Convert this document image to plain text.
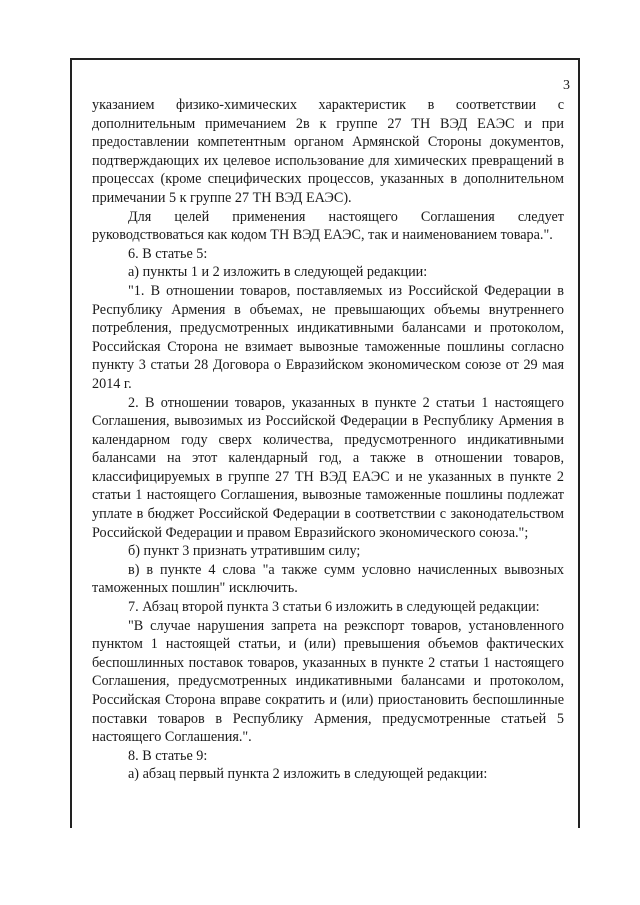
3

указанием физико-химических характеристик в соответствии с дополнительным примечанием 2в к группе 27 ТН ВЭД ЕАЭС и при предоставлении компетентным органом Армянской Стороны документов, подтверждающих их целевое использование для химических превращений в процессах (кроме специфических процессов, указанных в дополнительном примечании 5 к группе 27 ТН ВЭД ЕАЭС).

Для целей применения настоящего Соглашения следует руководствоваться как кодом ТН ВЭД ЕАЭС, так и наименованием товара.".

6. В статье 5:

а) пункты 1 и 2 изложить в следующей редакции:

"1. В отношении товаров, поставляемых из Российской Федерации в Республику Армения в объемах, не превышающих объемы внутреннего потребления, предусмотренных индикативными балансами и протоколом, Российская Сторона не взимает вывозные таможенные пошлины согласно пункту 3 статьи 28 Договора о Евразийском экономическом союзе от 29 мая 2014 г.

2. В отношении товаров, указанных в пункте 2 статьи 1 настоящего Соглашения, вывозимых из Российской Федерации в Республику Армения в календарном году сверх количества, предусмотренного индикативными балансами на этот календарный год, а также в отношении товаров, классифицируемых в группе 27 ТН ВЭД ЕАЭС и не указанных в пункте 2 статьи 1 настоящего Соглашения, вывозные таможенные пошлины подлежат уплате в бюджет Российской Федерации в соответствии с законодательством Российской Федерации и правом Евразийского экономического союза.";

б) пункт 3 признать утратившим силу;

в) в пункте 4 слова "а также сумм условно начисленных вывозных таможенных пошлин" исключить.

7. Абзац второй пункта 3 статьи 6 изложить в следующей редакции:

"В случае нарушения запрета на реэкспорт товаров, установленного пунктом 1 настоящей статьи, и (или) превышения объемов фактических беспошлинных поставок товаров, указанных в пункте 2 статьи 1 настоящего Соглашения, предусмотренных индикативными балансами и протоколом, Российская Сторона вправе сократить и (или) приостановить беспошлинные поставки товаров в Республику Армения, предусмотренные статьей 5 настоящего Соглашения.".

8. В статье 9:

а) абзац первый пункта 2 изложить в следующей редакции:
